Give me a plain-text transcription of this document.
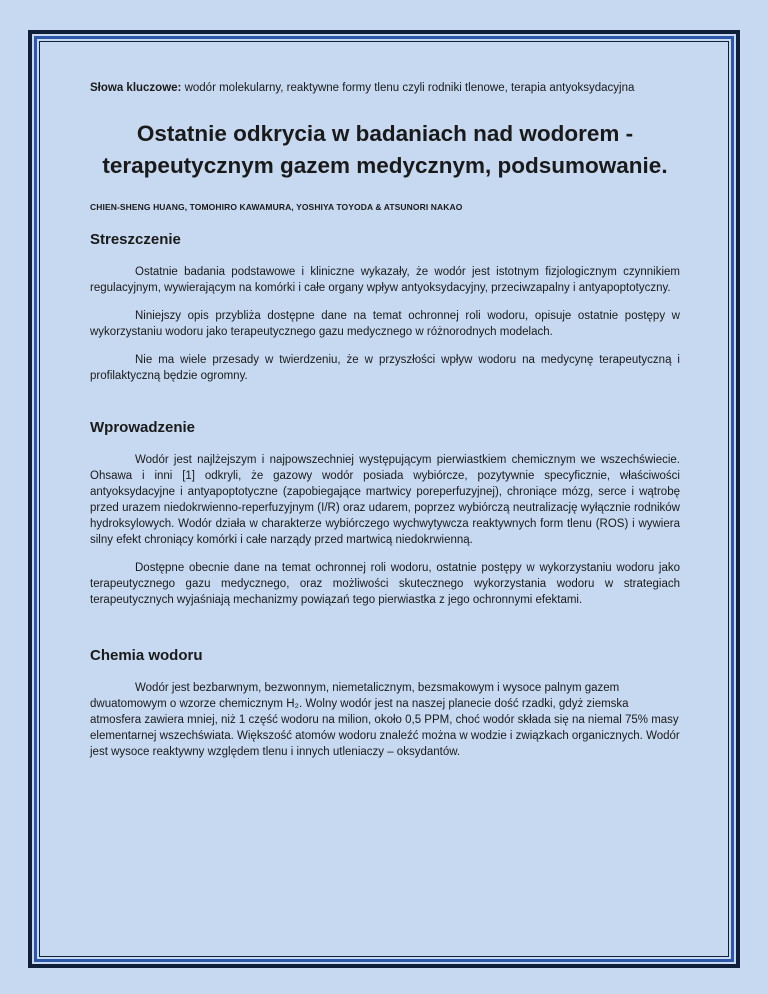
Słowa kluczowe: wodór molekularny, reaktywne formy tlenu czyli rodniki tlenowe, terapia antyoksydacyjna

Ostatnie odkrycia w badaniach nad wodorem - terapeutycznym gazem medycznym, podsumowanie.

CHIEN-SHENG HUANG, TOMOHIRO KAWAMURA, YOSHIYA TOYODA & ATSUNORI NAKAO

Streszczenie

Ostatnie badania podstawowe i kliniczne wykazały, że wodór jest istotnym fizjologicznym czynnikiem regulacyjnym, wywierającym na komórki i całe organy wpływ antyoksydacyjny, przeciwzapalny i antyapoptotyczny.

Niniejszy opis przybliża dostępne dane na temat ochronnej roli wodoru, opisuje ostatnie postępy w wykorzystaniu wodoru jako terapeutycznego gazu medycznego w różnorodnych modelach.

Nie ma wiele przesady w twierdzeniu, że w przyszłości wpływ wodoru na medycynę terapeutyczną i profilaktyczną będzie ogromny.

Wprowadzenie

Wodór jest najlżejszym i najpowszechniej występującym pierwiastkiem chemicznym we wszechświecie. Ohsawa i inni [1] odkryli, że gazowy wodór posiada wybiórcze, pozytywnie specyficznie, właściwości antyoksydacyjne i antyapoptotyczne (zapobiegające martwicy poreperfuzyjnej), chroniące mózg, serce i wątrobę przed urazem niedokrwienno-reperfuzyjnym (I/R) oraz udarem, poprzez wybiórczą neutralizację wyłącznie rodników hydroksylowych. Wodór działa w charakterze wybiórczego wychwytywcza reaktywnych form tlenu (ROS) i wywiera silny efekt chroniący komórki i całe narządy przed martwicą niedokrwienną.

Dostępne obecnie dane na temat ochronnej roli wodoru, ostatnie postępy w wykorzystaniu wodoru jako terapeutycznego gazu medycznego, oraz możliwości skutecznego wykorzystania wodoru w strategiach terapeutycznych wyjaśniają mechanizmy powiązań tego pierwiastka z jego ochronnymi efektami.

Chemia wodoru

Wodór jest bezbarwnym, bezwonnym, niemetalicznym, bezsmakowym i wysoce palnym gazem dwuatomowym o wzorze chemicznym H₂. Wolny wodór jest na naszej planecie dość rzadki, gdyż ziemska atmosfera zawiera mniej, niż 1 część wodoru na milion, około 0,5 PPM, choć wodór składa się na niemal 75% masy elementarnej wszechświata. Większość atomów wodoru znaleźć można w wodzie i związkach organicznych. Wodór jest wysoce reaktywny względem tlenu i innych utleniaczy – oksydantów.
